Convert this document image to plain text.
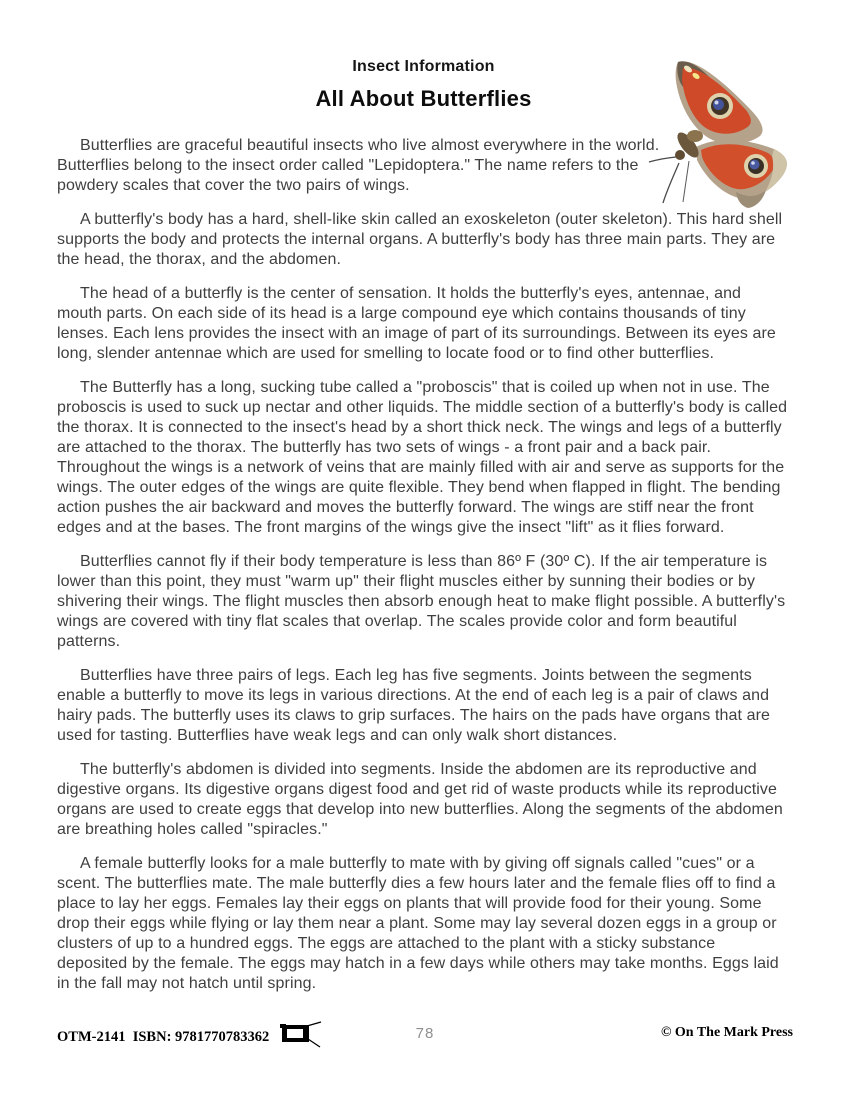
Insect Information
All About Butterflies

Butterflies are graceful beautiful insects who live almost everywhere in the world. Butterflies belong to the insect order called "Lepidoptera." The name refers to the powdery scales that cover the two pairs of wings.

A butterfly's body has a hard, shell-like skin called an exoskeleton (outer skeleton). This hard shell supports the body and protects the internal organs. A butterfly's body has three main parts. They are the head, the thorax, and the abdomen.

The head of a butterfly is the center of sensation. It holds the butterfly's eyes, antennae, and mouth parts. On each side of its head is a large compound eye which contains thousands of tiny lenses. Each lens provides the insect with an image of part of its surroundings. Between its eyes are long, slender antennae which are used for smelling to locate food or to find other butterflies.

The Butterfly has a long, sucking tube called a "proboscis" that is coiled up when not in use. The proboscis is used to suck up nectar and other liquids. The middle section of a butterfly's body is called the thorax. It is connected to the insect's head by a short thick neck. The wings and legs of a butterfly are attached to the thorax. The butterfly has two sets of wings - a front pair and a back pair. Throughout the wings is a network of veins that are mainly filled with air and serve as supports for the wings. The outer edges of the wings are quite flexible. They bend when flapped in flight. The bending action pushes the air backward and moves the butterfly forward. The wings are stiff near the front edges and at the bases. The front margins of the wings give the insect "lift" as it flies forward.

Butterflies cannot fly if their body temperature is less than 86º F (30º C). If the air temperature is lower than this point, they must "warm up" their flight muscles either by sunning their bodies or by shivering their wings. The flight muscles then absorb enough heat to make flight possible. A butterfly's wings are covered with tiny flat scales that overlap. The scales provide color and form beautiful patterns.

Butterflies have three pairs of legs. Each leg has five segments. Joints between the segments enable a butterfly to move its legs in various directions. At the end of each leg is a pair of claws and hairy pads. The butterfly uses its claws to grip surfaces. The hairs on the pads have organs that are used for tasting. Butterflies have weak legs and can only walk short distances.

The butterfly's abdomen is divided into segments. Inside the abdomen are its reproductive and digestive organs. Its digestive organs digest food and get rid of waste products while its reproductive organs are used to create eggs that develop into new butterflies. Along the segments of the abdomen are breathing holes called "spiracles."

A female butterfly looks for a male butterfly to mate with by giving off signals called "cues" or a scent. The butterflies mate. The male butterfly dies a few hours later and the female flies off to find a place to lay her eggs. Females lay their eggs on plants that will provide food for their young. Some drop their eggs while flying or lay them near a plant. Some may lay several dozen eggs in a group or clusters of up to a hundred eggs. The eggs are attached to the plant with a sticky substance deposited by the female. The eggs may hatch in a few days while others may take months. Eggs laid in the fall may not hatch until spring.

OTM-2141  ISBN: 9781770783362	78	© On The Mark Press
